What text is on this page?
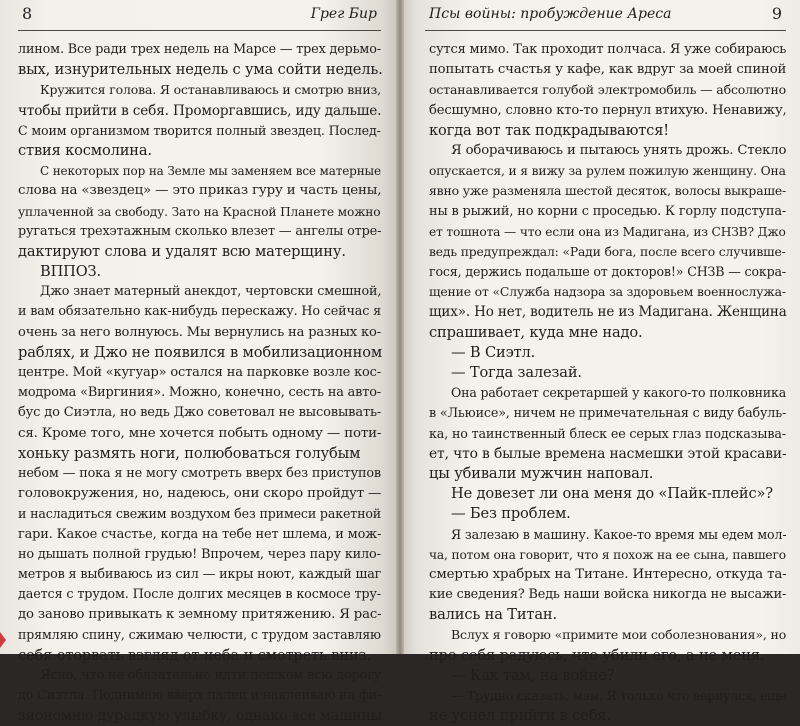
8	Грег Бир
лином. Все ради трех недель на Марсе — трех дерьмо-
вых, изнурительных недель с ума сойти недель.
Кружится голова. Я останавливаюсь и смотрю вниз,
чтобы прийти в себя. Проморгавшись, иду дальше.
С моим организмом творится полный звездец. Послед-
ствия космолина.
С некоторых пор на Земле мы заменяем все матерные
слова на «звездец» — это приказ гуру и часть цены,
уплаченной за свободу. Зато на Красной Планете можно
ругаться трехэтажным сколько влезет — ангелы отре-
дактируют слова и удалят всю матерщину.
ВППОЗ.
Джо знает матерный анекдот, чертовски смешной,
и вам обязательно как-нибудь перескажу. Но сейчас я
очень за него волнуюсь. Мы вернулись на разных ко-
раблях, и Джо не появился в мобилизационном
центре. Мой «кугуар» остался на парковке возле кос-
модрома «Виргиния». Можно, конечно, сесть на авто-
бус до Сиэтла, но ведь Джо советовал не высовывать-
ся. Кроме того, мне хочется побыть одному — поти-
хоньку размять ноги, полюбоваться голубым
небом — пока я не могу смотреть вверх без приступов
головокружения, но, надеюсь, они скоро пройдут —
и насладиться свежим воздухом без примеси ракетной
гари. Какое счастье, когда на тебе нет шлема, и мож-
но дышать полной грудью! Впрочем, через пару кило-
метров я выбиваюсь из сил — икры ноют, каждый шаг
дается с трудом. После долгих месяцев в космосе тру-
до заново привыкать к земному притяжению. Я рас-
прямляю спину, сжимаю челюсти, с трудом заставляю
себя оторвать взгляд от неба и смотреть вниз.
Ясно, что не обязательно идти пешком всю дорогу
до Сиэтла. Поднимаю вверх палец и наклеиваю на фи-
зиономию дурацкую улыбку, однако все машины
Псы войны: пробуждение Ареса	9
сутся мимо. Так проходит полчаса. Я уже собираюсь
попытать счастья у кафе, как вдруг за моей спиной
останавливается голубой электромобиль — абсолютно
бесшумно, словно кто-то пернул втихую. Ненавижу,
когда вот так подкрадываются!
Я оборачиваюсь и пытаюсь унять дрожь. Стекло
опускается, и я вижу за рулем пожилую женщину. Она
явно уже разменяла шестой десяток, волосы выкраше-
ны в рыжий, но корни с проседью. К горлу подступа-
ет тошнота — что если она из Мадигана, из СНЗВ? Джо
ведь предупреждал: «Ради бога, после всего случивше-
гося, держись подальше от докторов!» СНЗВ — сокра-
щение от «Служба надзора за здоровьем военнослужа-
щих». Но нет, водитель не из Мадигана. Женщина
спрашивает, куда мне надо.
— В Сиэтл.
— Тогда залезай.
Она работает секретаршей у какого-то полковника
в «Льюисе», ничем не примечательная с виду бабуль-
ка, но таинственный блеск ее серых глаз подсказыва-
ет, что в былые времена насмешки этой красави-
цы убивали мужчин наповал.
Не довезет ли она меня до «Пайк-плейс»?
— Без проблем.
Я залезаю в машину. Какое-то время мы едем мол-
ча, потом она говорит, что я похож на ее сына, павшего
смертью храбрых на Титане. Интересно, откуда та-
кие сведения? Ведь наши войска никогда не высажи-
вались на Титан.
Вслух я говорю «примите мои соболезнования», но
про себя радуюсь, что убили его, а не меня.
— Как там, на войне?
— Трудно сказать, мэм. Я только что вернулся, еще
не успел прийти в себя.
